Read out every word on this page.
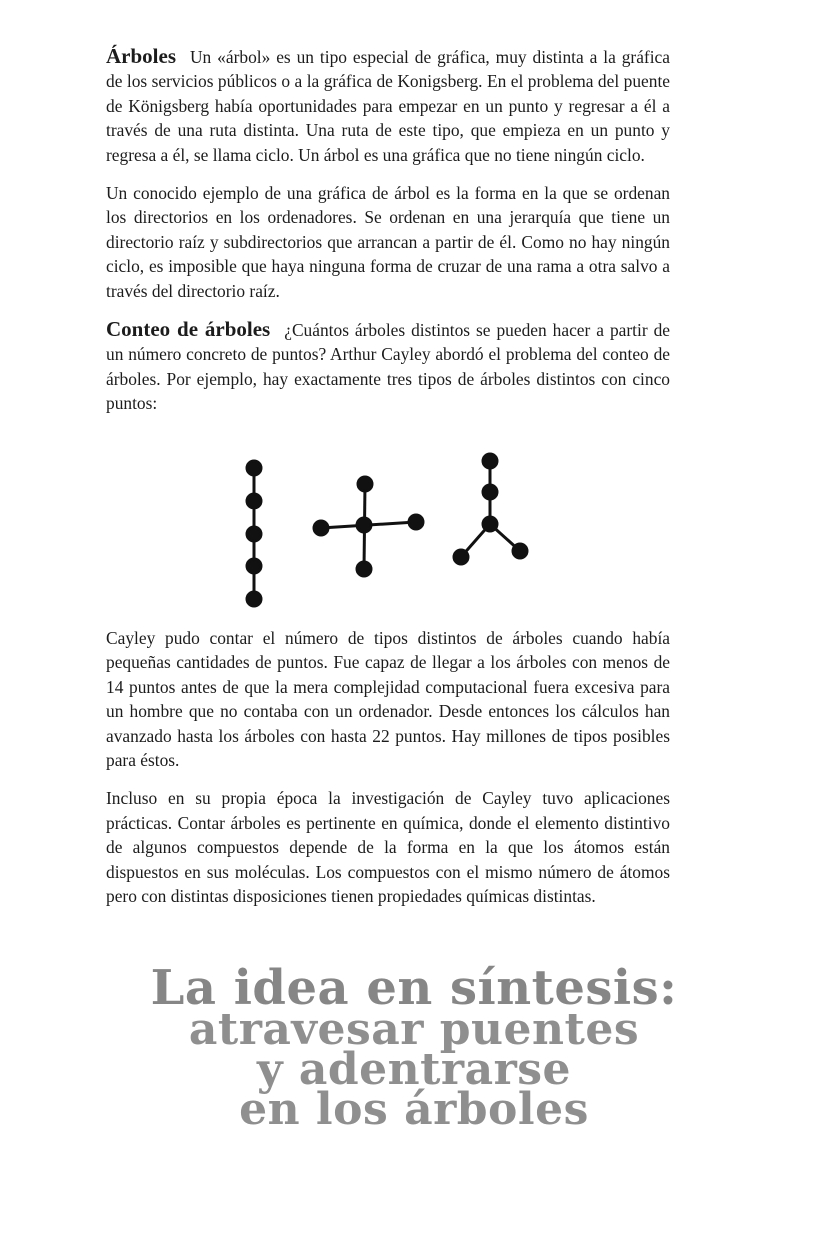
Árboles Un «árbol» es un tipo especial de gráfica, muy distinta a la gráfica de los servicios públicos o a la gráfica de Konigsberg. En el problema del puente de Königsberg había oportunidades para empezar en un punto y regresar a él a través de una ruta distinta. Una ruta de este tipo, que empieza en un punto y regresa a él, se llama ciclo. Un árbol es una gráfica que no tiene ningún ciclo.

Un conocido ejemplo de una gráfica de árbol es la forma en la que se ordenan los directorios en los ordenadores. Se ordenan en una jerarquía que tiene un directorio raíz y subdirectorios que arrancan a partir de él. Como no hay ningún ciclo, es imposible que haya ninguna forma de cruzar de una rama a otra salvo a través del directorio raíz.

Conteo de árboles ¿Cuántos árboles distintos se pueden hacer a partir de un número concreto de puntos? Arthur Cayley abordó el problema del conteo de árboles. Por ejemplo, hay exactamente tres tipos de árboles distintos con cinco puntos:

Cayley pudo contar el número de tipos distintos de árboles cuando había pequeñas cantidades de puntos. Fue capaz de llegar a los árboles con menos de 14 puntos antes de que la mera complejidad computacional fuera excesiva para un hombre que no contaba con un ordenador. Desde entonces los cálculos han avanzado hasta los árboles con hasta 22 puntos. Hay millones de tipos posibles para éstos.

Incluso en su propia época la investigación de Cayley tuvo aplicaciones prácticas. Contar árboles es pertinente en química, donde el elemento distintivo de algunos compuestos depende de la forma en la que los átomos están dispuestos en sus moléculas. Los compuestos con el mismo número de átomos pero con distintas disposiciones tienen propiedades químicas distintas.

La idea en síntesis:
atravesar puentes
y adentrarse
en los árboles
